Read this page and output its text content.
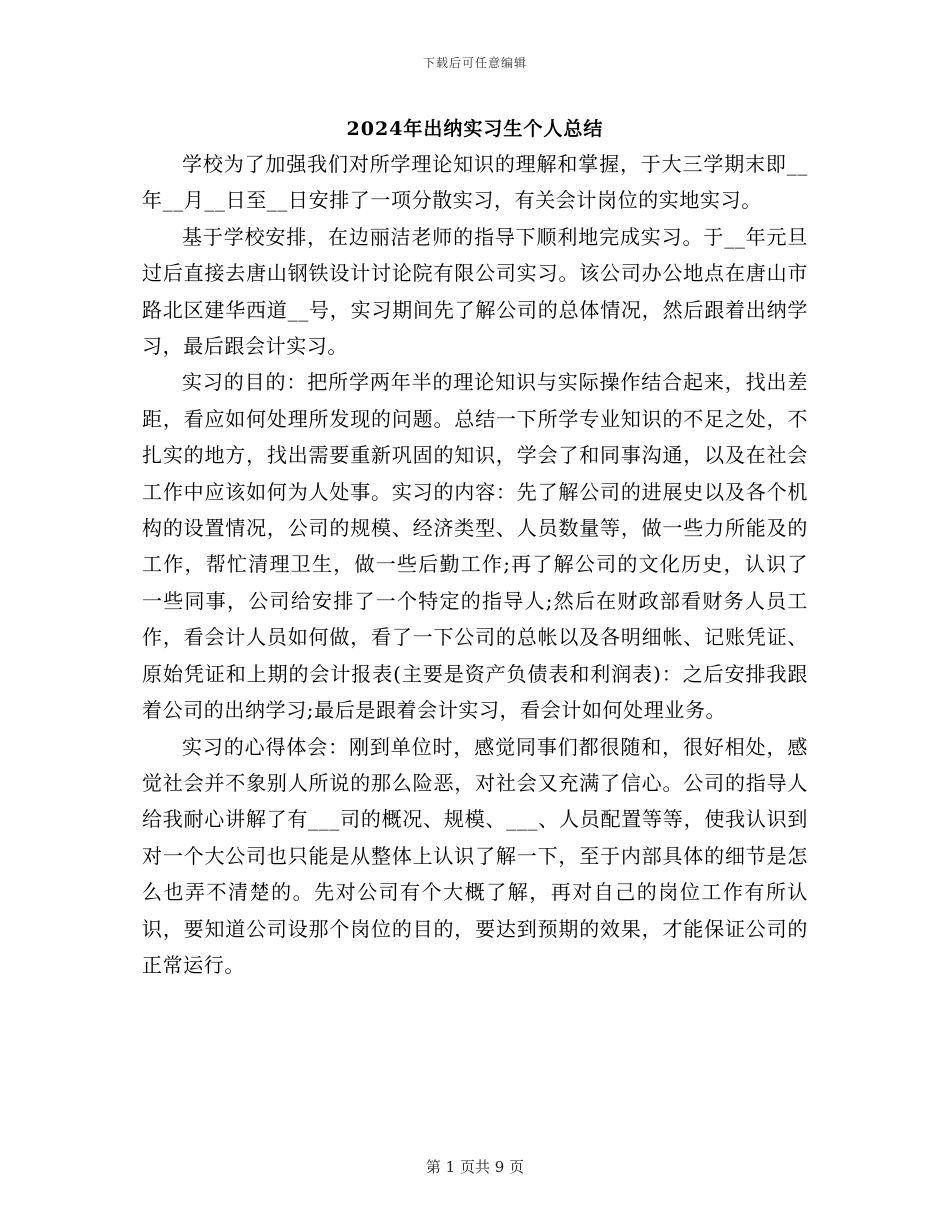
下载后可任意编辑
2024年出纳实习生个人总结

学校为了加强我们对所学理论知识的理解和掌握，于大三学期末即__年__月__日至__日安排了一项分散实习，有关会计岗位的实地实习。

基于学校安排，在边丽洁老师的指导下顺利地完成实习。于__年元旦过后直接去唐山钢铁设计讨论院有限公司实习。该公司办公地点在唐山市路北区建华西道__号，实习期间先了解公司的总体情况，然后跟着出纳学习，最后跟会计实习。

实习的目的：把所学两年半的理论知识与实际操作结合起来，找出差距，看应如何处理所发现的问题。总结一下所学专业知识的不足之处，不扎实的地方，找出需要重新巩固的知识，学会了和同事沟通，以及在社会工作中应该如何为人处事。实习的内容：先了解公司的进展史以及各个机构的设置情况，公司的规模、经济类型、人员数量等，做一些力所能及的工作，帮忙清理卫生，做一些后勤工作;再了解公司的文化历史，认识了一些同事，公司给安排了一个特定的指导人;然后在财政部看财务人员工作，看会计人员如何做，看了一下公司的总帐以及各明细帐、记账凭证、原始凭证和上期的会计报表(主要是资产负债表和利润表)：之后安排我跟着公司的出纳学习;最后是跟着会计实习，看会计如何处理业务。

实习的心得体会：刚到单位时，感觉同事们都很随和，很好相处，感觉社会并不象别人所说的那么险恶，对社会又充满了信心。公司的指导人给我耐心讲解了有___司的概况、规模、___、人员配置等等，使我认识到对一个大公司也只能是从整体上认识了解一下，至于内部具体的细节是怎么也弄不清楚的。先对公司有个大概了解，再对自己的岗位工作有所认识，要知道公司设那个岗位的目的，要达到预期的效果，才能保证公司的正常运行。

第 1 页共 9 页
